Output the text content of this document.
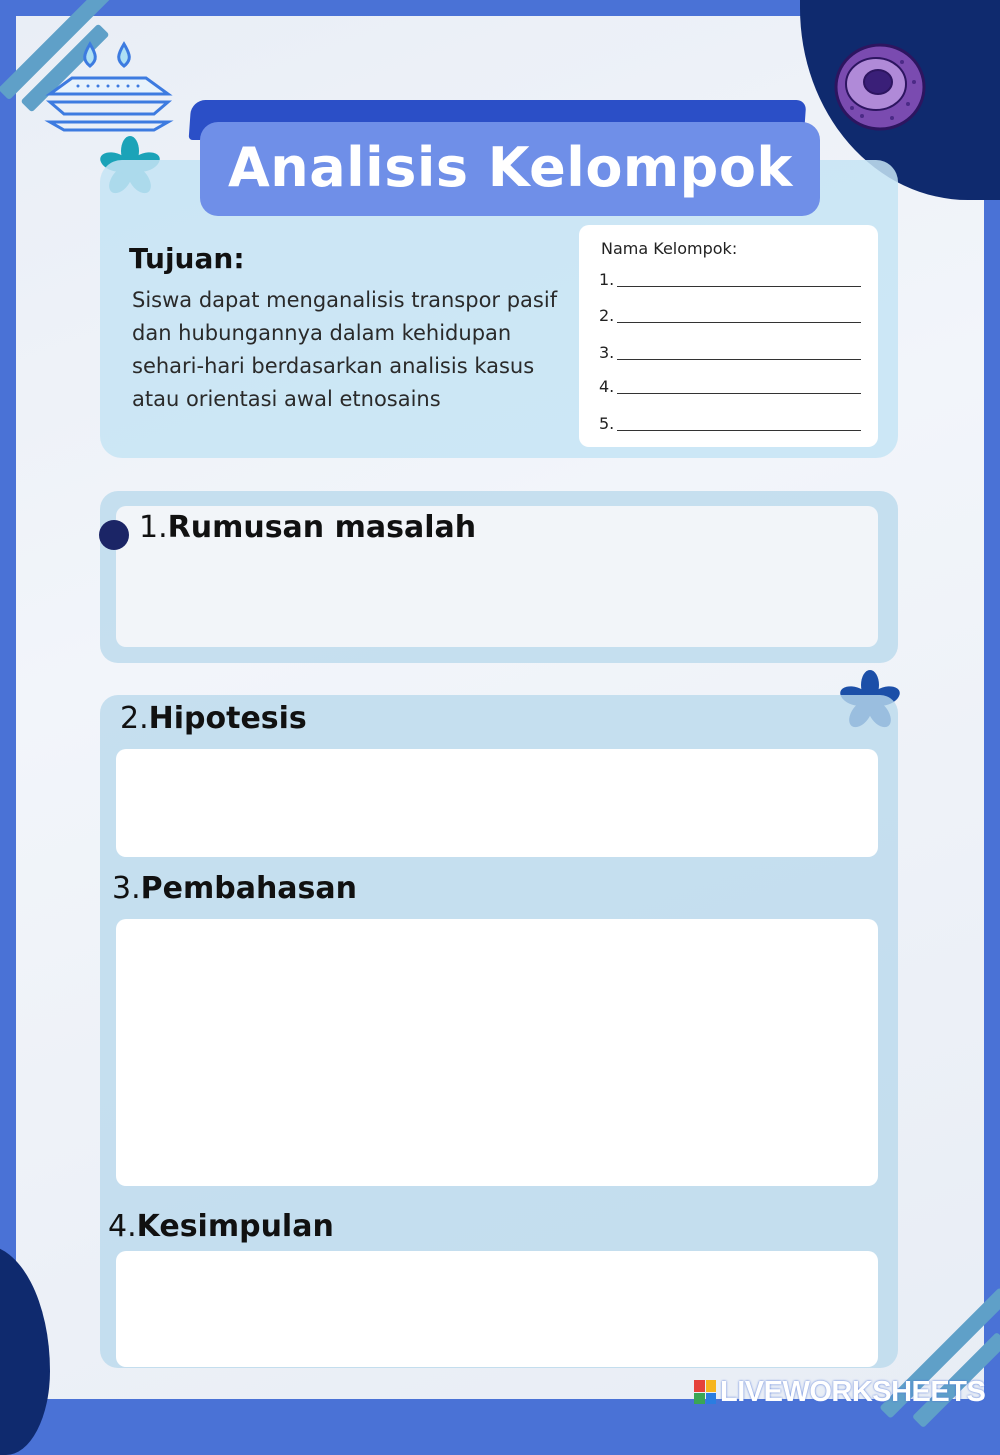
Analisis Kelompok
Tujuan:
Siswa dapat menganalisis transpor pasif dan hubungannya dalam kehidupan sehari-hari berdasarkan analisis kasus atau orientasi awal etnosains
Nama Kelompok:
1.
2.
3.
4.
5.
1.Rumusan masalah
2.Hipotesis
3.Pembahasan
4.Kesimpulan
LIVEWORKSHEETS
